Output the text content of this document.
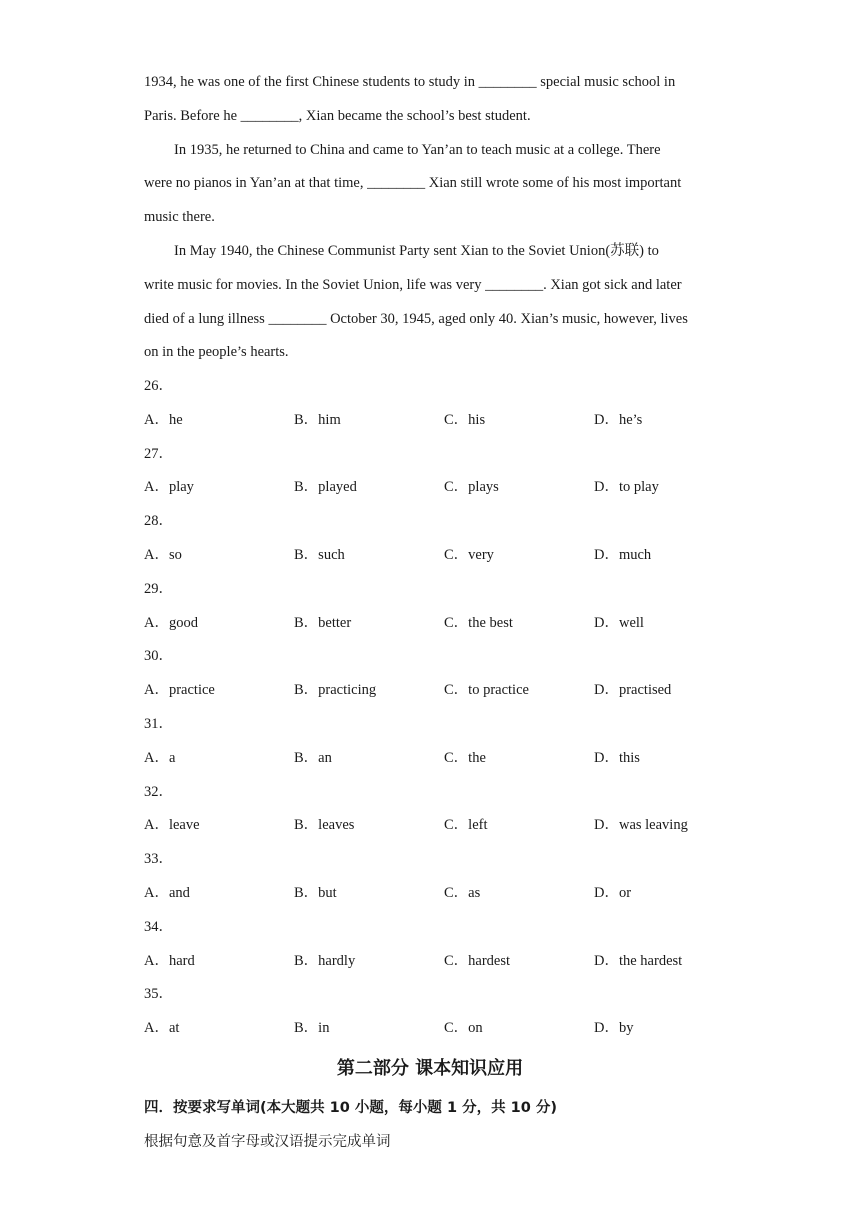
1934, he was one of the first Chinese students to study in ________ special music school in
Paris. Before he ________, Xian became the school’s best student.
In 1935, he returned to China and came to Yan’an to teach music at a college. There
were no pianos in Yan’an at that time, ________ Xian still wrote some of his most important
music there.
In May 1940, the Chinese Communist Party sent Xian to the Soviet Union(苏联) to
write music for movies. In the Soviet Union, life was very ________. Xian got sick and later
died of a lung illness ________ October 30, 1945, aged only 40. Xian’s music, however, lives
on in the people’s hearts.
26．
A．he	B．him	C．his	D．he’s
27．
A．play	B．played	C．plays	D．to play
28．
A．so	B．such	C．very	D．much
29．
A．good	B．better	C．the best	D．well
30．
A．practice	B．practicing	C．to practice	D．practised
31．
A．a	B．an	C．the	D．this
32．
A．leave	B．leaves	C．left	D．was leaving
33．
A．and	B．but	C．as	D．or
34．
A．hard	B．hardly	C．hardest	D．the hardest
35．
A．at	B．in	C．on	D．by
第二部分 课本知识应用
四．按要求写单词(本大题共 10 小题，每小题 1 分，共 10 分)
根据句意及首字母或汉语提示完成单词
